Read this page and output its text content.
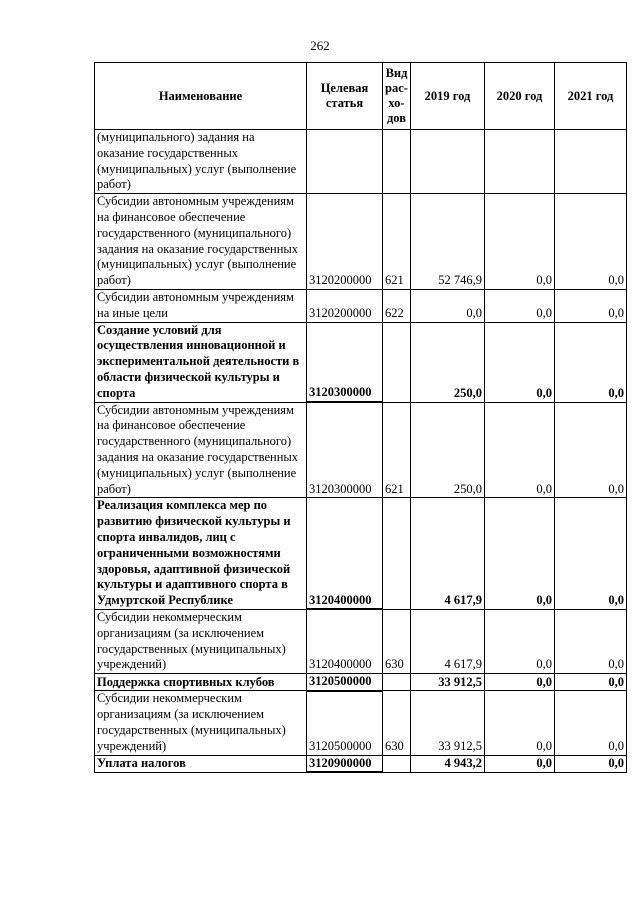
262
Наименование	Целевая статья	Вид рас- хо- дов	2019 год	2020 год	2021 год
(муниципального) задания на оказание государственных (муниципальных) услуг (выполнение работ)					
Субсидии автономным учреждениям на финансовое обеспечение государственного (муниципального) задания на оказание государственных (муниципальных) услуг (выполнение работ)	3120200000	621	52 746,9	0,0	0,0
Субсидии автономным учреждениям на иные цели	3120200000	622	0,0	0,0	0,0
Создание условий для осуществления инновационной и экспериментальной деятельности в области физической культуры и спорта	3120300000		250,0	0,0	0,0
Субсидии автономным учреждениям на финансовое обеспечение государственного (муниципального) задания на оказание государственных (муниципальных) услуг (выполнение работ)	3120300000	621	250,0	0,0	0,0
Реализация комплекса мер по развитию физической культуры и спорта инвалидов, лиц с ограниченными возможностями здоровья, адаптивной физической культуры и адаптивного спорта в Удмуртской Республике	3120400000		4 617,9	0,0	0,0
Субсидии некоммерческим организациям (за исключением государственных (муниципальных) учреждений)	3120400000	630	4 617,9	0,0	0,0
Поддержка спортивных клубов	3120500000		33 912,5	0,0	0,0
Субсидии некоммерческим организациям (за исключением государственных (муниципальных) учреждений)	3120500000	630	33 912,5	0,0	0,0
Уплата налогов	3120900000		4 943,2	0,0	0,0
